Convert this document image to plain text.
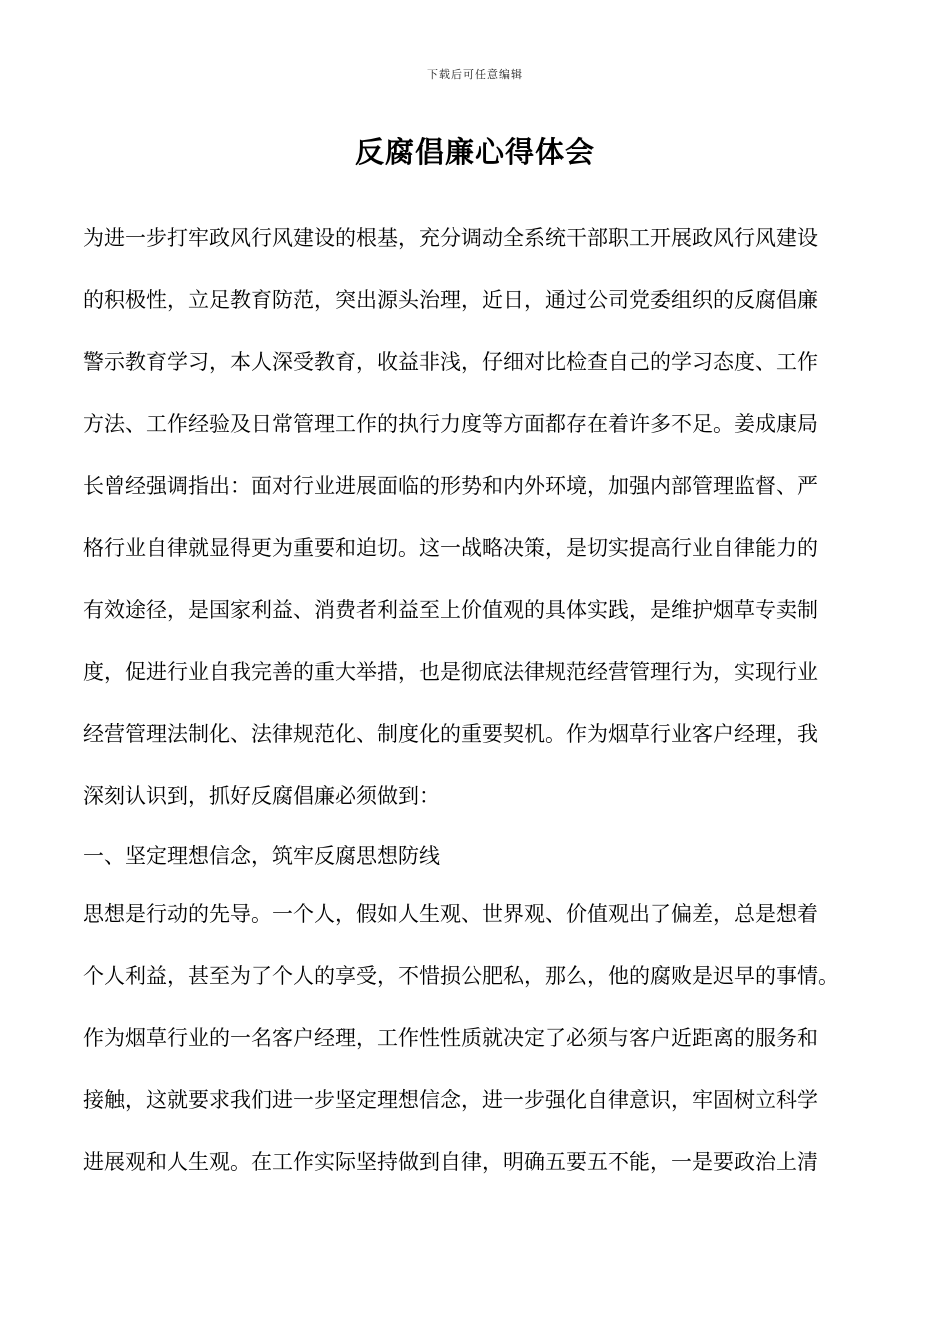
下载后可任意编辑
反腐倡廉心得体会
为进一步打牢政风行风建设的根基，充分调动全系统干部职工开展政风行风建设
的积极性，立足教育防范，突出源头治理，近日，通过公司党委组织的反腐倡廉
警示教育学习，本人深受教育，收益非浅，仔细对比检查自己的学习态度、工作
方法、工作经验及日常管理工作的执行力度等方面都存在着许多不足。姜成康局
长曾经强调指出：面对行业进展面临的形势和内外环境，加强内部管理监督、严
格行业自律就显得更为重要和迫切。这一战略决策，是切实提高行业自律能力的
有效途径，是国家利益、消费者利益至上价值观的具体实践，是维护烟草专卖制
度，促进行业自我完善的重大举措，也是彻底法律规范经营管理行为，实现行业
经营管理法制化、法律规范化、制度化的重要契机。作为烟草行业客户经理，我
深刻认识到，抓好反腐倡廉必须做到：
一、坚定理想信念，筑牢反腐思想防线
思想是行动的先导。一个人，假如人生观、世界观、价值观出了偏差，总是想着
个人利益，甚至为了个人的享受，不惜损公肥私，那么，他的腐败是迟早的事情。
作为烟草行业的一名客户经理，工作性性质就决定了必须与客户近距离的服务和
接触，这就要求我们进一步坚定理想信念，进一步强化自律意识，牢固树立科学
进展观和人生观。在工作实际坚持做到自律，明确五要五不能，一是要政治上清
